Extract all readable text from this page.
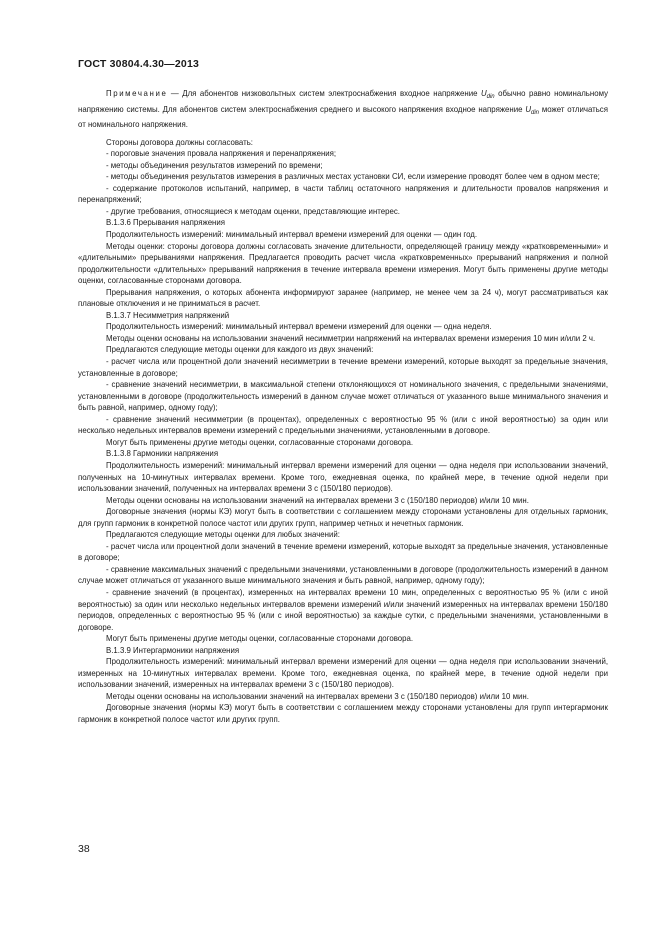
ГОСТ 30804.4.30—2013

Примечание — Для абонентов низковольтных систем электроснабжения входное напряжение $U_{din}$ обычно равно номинальному напряжению системы. Для абонентов систем электроснабжения среднего и высокого напряжения входное напряжение $U_{din}$ может отличаться от номинального напряжения.

Стороны договора должны согласовать:

- пороговые значения провала напряжения и перенапряжения;

- методы объединения результатов измерений по времени;

- методы объединения результатов измерения в различных местах установки СИ, если измерение проводят более чем в одном месте;

- содержание протоколов испытаний, например, в части таблиц остаточного напряжения и длительности провалов напряжения и перенапряжений;

- другие требования, относящиеся к методам оценки, представляющие интерес.

В.1.3.6 Прерывания напряжения

Продолжительность измерений: минимальный интервал времени измерений для оценки — один год.

Методы оценки: стороны договора должны согласовать значение длительности, определяющей границу между «кратковременными» и «длительными» прерываниями напряжения. Предлагается проводить расчет числа «кратковременных» прерываний напряжения и полной продолжительности «длительных» прерываний напряжения в течение интервала времени измерения. Могут быть применены другие методы оценки, согласованные сторонами договора.

Прерывания напряжения, о которых абонента информируют заранее (например, не менее чем за 24 ч), могут рассматриваться как плановые отключения и не приниматься в расчет.

В.1.3.7 Несимметрия напряжений

Продолжительность измерений: минимальный интервал времени измерений для оценки — одна неделя.

Методы оценки основаны на использовании значений несимметрии напряжений на интервалах времени измерения 10 мин и/или 2 ч.

Предлагаются следующие методы оценки для каждого из двух значений:

- расчет числа или процентной доли значений несимметрии в течение времени измерений, которые выходят за предельные значения, установленные в договоре;

- сравнение значений несимметрии, в максимальной степени отклоняющихся от номинального значения, с предельными значениями, установленными в договоре (продолжительность измерений в данном случае может отличаться от указанного выше минимального значения и быть равной, например, одному году);

- сравнение значений несимметрии (в процентах), определенных с вероятностью 95 % (или с иной вероятностью) за один или несколько недельных интервалов времени измерений с предельными значениями, установленными в договоре.

Могут быть применены другие методы оценки, согласованные сторонами договора.

В.1.3.8 Гармоники напряжения

Продолжительность измерений: минимальный интервал времени измерений для оценки — одна неделя при использовании значений, полученных на 10-минутных интервалах времени. Кроме того, ежедневная оценка, по крайней мере, в течение одной недели при использовании значений, полученных на интервалах времени 3 с (150/180 периодов).

Методы оценки основаны на использовании значений на интервалах времени 3 с (150/180 периодов) и/или 10 мин.

Договорные значения (нормы КЭ) могут быть в соответствии с соглашением между сторонами установлены для отдельных гармоник, для групп гармоник в конкретной полосе частот или других групп, например четных и нечетных гармоник.

Предлагаются следующие методы оценки для любых значений:

- расчет числа или процентной доли значений в течение времени измерений, которые выходят за предельные значения, установленные в договоре;

- сравнение максимальных значений с предельными значениями, установленными в договоре (продолжительность измерений в данном случае может отличаться от указанного выше минимального значения и быть равной, например, одному году);

- сравнение значений (в процентах), измеренных на интервалах времени 10 мин, определенных с вероятностью 95 % (или с иной вероятностью) за один или несколько недельных интервалов времени измерений и/или значений измеренных на интервалах времени 150/180 периодов, определенных с вероятностью 95 % (или с иной вероятностью) за каждые сутки, с предельными значениями, установленными в договоре.

Могут быть применены другие методы оценки, согласованные сторонами договора.

В.1.3.9 Интергармоники напряжения

Продолжительность измерений: минимальный интервал времени измерений для оценки — одна неделя при использовании значений, измеренных на 10-минутных интервалах времени. Кроме того, ежедневная оценка, по крайней мере, в течение одной недели при использовании значений, измеренных на интервалах времени 3 с (150/180 периодов).

Методы оценки основаны на использовании значений на интервалах времени 3 с (150/180 периодов) и/или 10 мин.

Договорные значения (нормы КЭ) могут быть в соответствии с соглашением между сторонами установлены для групп интергармоник гармоник в конкретной полосе частот или других групп.

38
